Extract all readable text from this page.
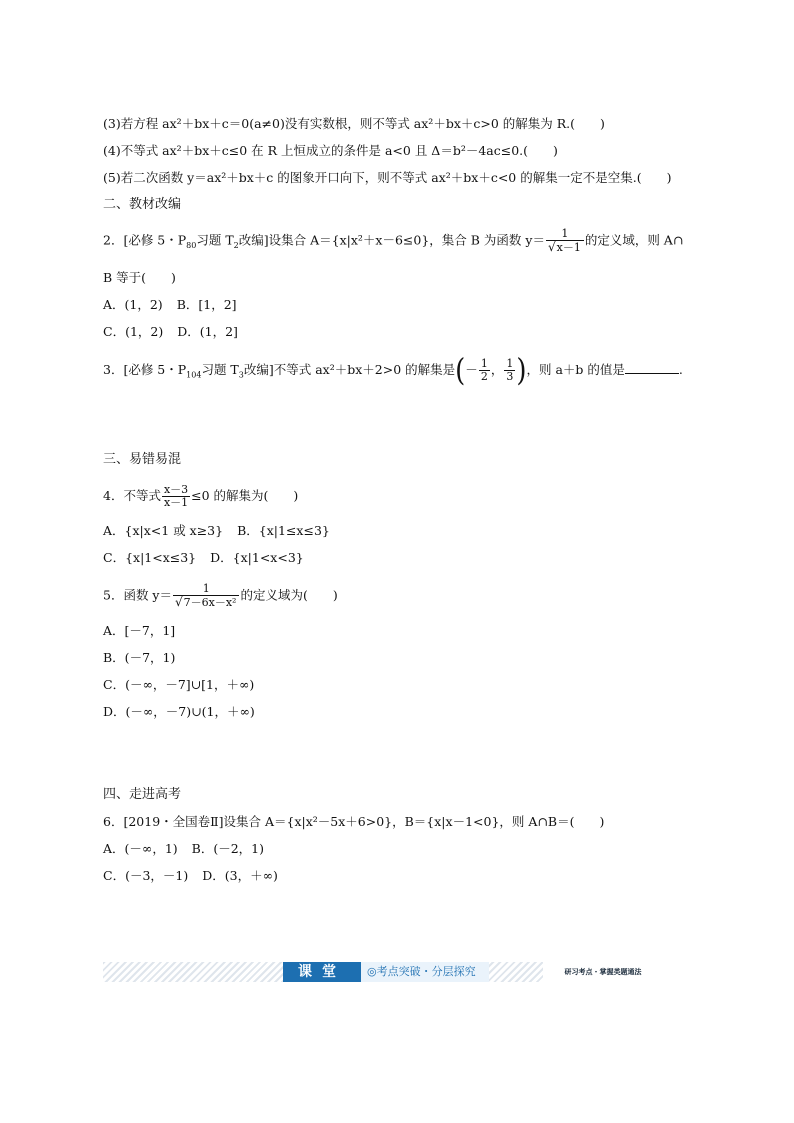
(3)若方程 ax²＋bx＋c＝0(a≠0)没有实数根，则不等式 ax²＋bx＋c>0 的解集为 R.(　　)
(4)不等式 ax²＋bx＋c≤0 在 R 上恒成立的条件是 a<0 且 Δ＝b²－4ac≤0.(　　)
(5)若二次函数 y＝ax²＋bx＋c 的图象开口向下，则不等式 ax²＋bx＋c<0 的解集一定不是空集.(　　)
二、教材改编
2．[必修 5・$P_{80}$习题 $T_2$改编]设集合 A＝{x|x²＋x－6≤0}，集合 B 为函数 $y= \frac{1}{√x-1}$ 的定义域，则 A∩
B 等于(　　)
A．(1，2) B．[1，2]
C．(1，2) D．(1，2]
3．[必修 5・$P_{104}$习题 $T_3$改编]不等式 ax²＋bx＋2>0 的解集是(－ $\frac{1}{2}$ ， $\frac{1}{3}$ )，则 a＋b 的值是	.
三、易错易混
4．不等式 $\frac{x-3}{x-1} \le 0$ 的解集为(　　)
A．{x|x<1 或 x≥3} B．{x|1≤x≤3}
C．{x|1<x≤3} D．{x|1<x<3}
5．函数 $y= \frac{1}{\text{√7－6x－x²}}$ 的定义域为(　　)
A．[－7，1]
B．(－7，1)
C．(－∞，－7]∪[1，＋∞)
D．(－∞，－7)∪(1，＋∞)
四、走进高考
6．[2019・全国卷Ⅱ]设集合 A＝{x|x²－5x＋6>0}，B＝{x|x－1<0}，则 A∩B＝(　　)
A．(－∞，1) B．(－2，1)
C．(－3，－1) D．(3，＋∞)
课堂	◎考点突破・分层探究	研习考点・掌握类题通法
